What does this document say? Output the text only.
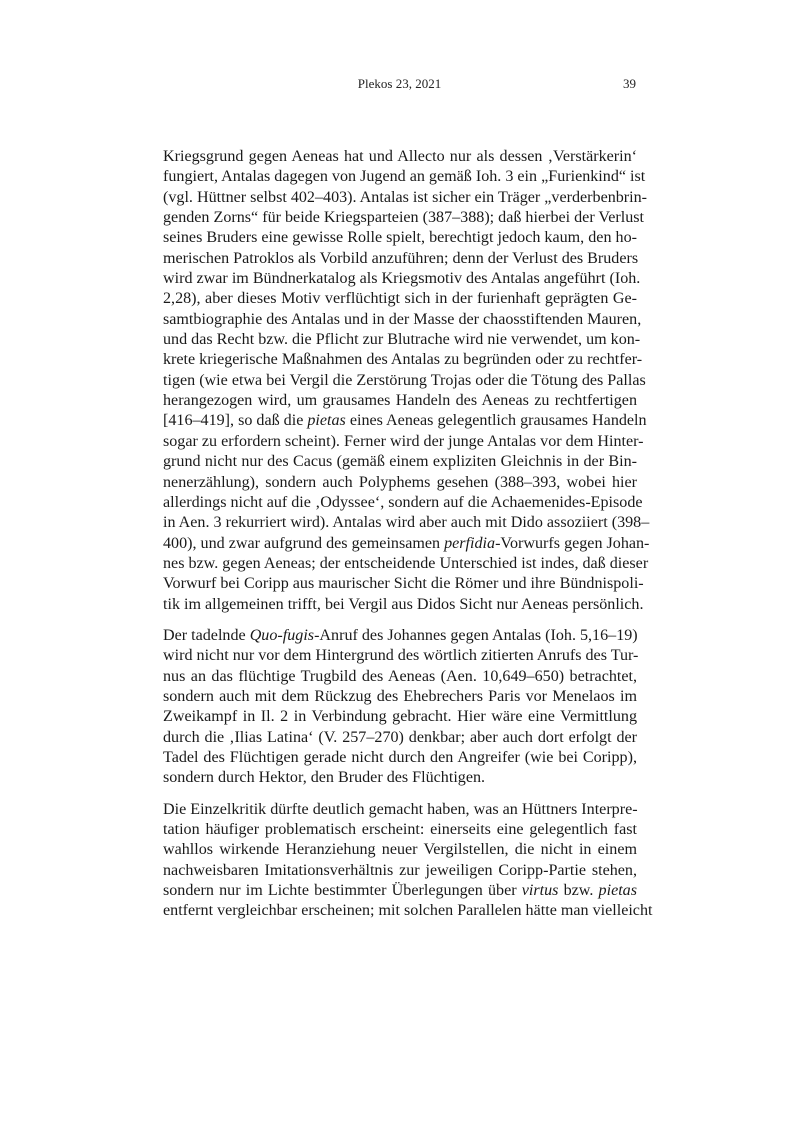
Plekos 23, 2021	39

Kriegsgrund gegen Aeneas hat und Allecto nur als dessen ‚Verstärkerin‘
fungiert, Antalas dagegen von Jugend an gemäß Ioh. 3 ein „Furienkind“ ist
(vgl. Hüttner selbst 402–403). Antalas ist sicher ein Träger „verderbenbrin-
genden Zorns“ für beide Kriegsparteien (387–388); daß hierbei der Verlust
seines Bruders eine gewisse Rolle spielt, berechtigt jedoch kaum, den ho-
merischen Patroklos als Vorbild anzuführen; denn der Verlust des Bruders
wird zwar im Bündnerkatalog als Kriegsmotiv des Antalas angeführt (Ioh.
2,28), aber dieses Motiv verflüchtigt sich in der furienhaft geprägten Ge-
samtbiographie des Antalas und in der Masse der chaosstiftenden Mauren,
und das Recht bzw. die Pflicht zur Blutrache wird nie verwendet, um kon-
krete kriegerische Maßnahmen des Antalas zu begründen oder zu rechtfer-
tigen (wie etwa bei Vergil die Zerstörung Trojas oder die Tötung des Pallas
herangezogen wird, um grausames Handeln des Aeneas zu rechtfertigen
[416–419], so daß die pietas eines Aeneas gelegentlich grausames Handeln
sogar zu erfordern scheint). Ferner wird der junge Antalas vor dem Hinter-
grund nicht nur des Cacus (gemäß einem expliziten Gleichnis in der Bin-
nenerzählung), sondern auch Polyphems gesehen (388–393, wobei hier
allerdings nicht auf die ‚Odyssee‘, sondern auf die Achaemenides-Episode
in Aen. 3 rekurriert wird). Antalas wird aber auch mit Dido assoziiert (398–
400), und zwar aufgrund des gemeinsamen perfidia-Vorwurfs gegen Johan-
nes bzw. gegen Aeneas; der entscheidende Unterschied ist indes, daß dieser
Vorwurf bei Coripp aus maurischer Sicht die Römer und ihre Bündnispoli-
tik im allgemeinen trifft, bei Vergil aus Didos Sicht nur Aeneas persönlich.

Der tadelnde Quo-fugis-Anruf des Johannes gegen Antalas (Ioh. 5,16–19)
wird nicht nur vor dem Hintergrund des wörtlich zitierten Anrufs des Tur-
nus an das flüchtige Trugbild des Aeneas (Aen. 10,649–650) betrachtet,
sondern auch mit dem Rückzug des Ehebrechers Paris vor Menelaos im
Zweikampf in Il. 2 in Verbindung gebracht. Hier wäre eine Vermittlung
durch die ‚Ilias Latina‘ (V. 257–270) denkbar; aber auch dort erfolgt der
Tadel des Flüchtigen gerade nicht durch den Angreifer (wie bei Coripp),
sondern durch Hektor, den Bruder des Flüchtigen.

Die Einzelkritik dürfte deutlich gemacht haben, was an Hüttners Interpre-
tation häufiger problematisch erscheint: einerseits eine gelegentlich fast
wahllos wirkende Heranziehung neuer Vergilstellen, die nicht in einem
nachweisbaren Imitationsverhältnis zur jeweiligen Coripp-Partie stehen,
sondern nur im Lichte bestimmter Überlegungen über virtus bzw. pietas
entfernt vergleichbar erscheinen; mit solchen Parallelen hätte man vielleicht
